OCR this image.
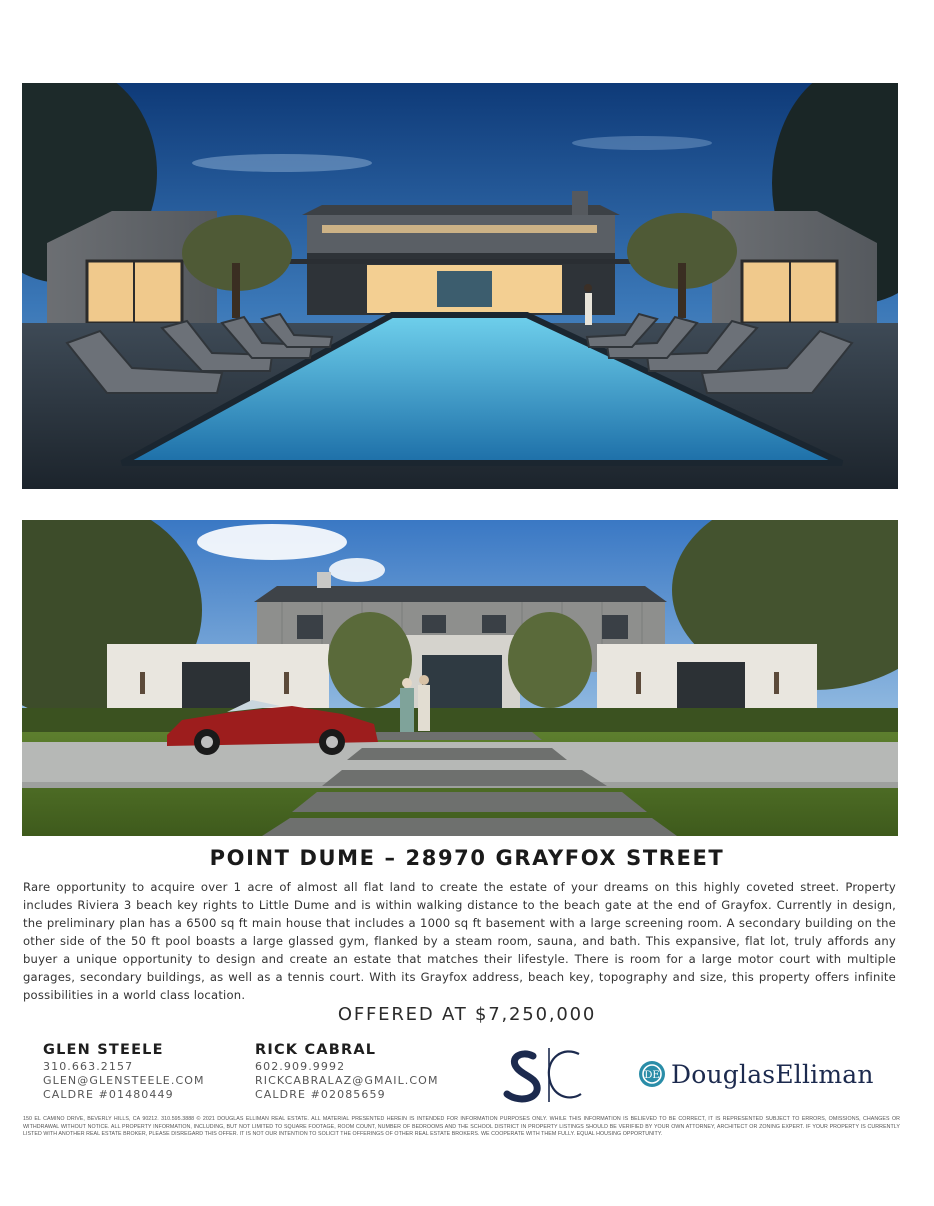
POINT DUME – 28970 GRAYFOX STREET
Rare opportunity to acquire over 1 acre of almost all flat land to create the estate of your dreams on this highly coveted street. Property includes Riviera 3 beach key rights to Little Dume and is within walking distance to the beach gate at the end of Grayfox. Currently in design, the preliminary plan has a 6500 sq ft main house that includes a 1000 sq ft basement with a large screening room. A secondary building on the other side of the 50 ft pool boasts a large glassed gym, flanked by a steam room, sauna, and bath. This expansive, flat lot, truly affords any buyer a unique opportunity to design and create an estate that matches their lifestyle. There is room for a large motor court with multiple garages, secondary buildings, as well as a tennis court. With its Grayfox address, beach key, topography and size, this property offers infinite possibilities in a world class location.
OFFERED AT $7,250,000
GLEN STEELE
310.663.2157
GLEN@GLENSTEELE.COM
CALDRE #01480449
RICK CABRAL
602.909.9992
RICKCABRALAZ@GMAIL.COM
CALDRE #02085659
DE DouglasElliman
150 EL CAMINO DRIVE, BEVERLY HILLS, CA 90212. 310.595.3888 © 2021 DOUGLAS ELLIMAN REAL ESTATE. ALL MATERIAL PRESENTED HEREIN IS INTENDED FOR INFORMATION PURPOSES ONLY. WHILE THIS INFORMATION IS BELIEVED TO BE CORRECT, IT IS REPRESENTED SUBJECT TO ERRORS, OMISSIONS, CHANGES OR WITHDRAWAL WITHOUT NOTICE. ALL PROPERTY INFORMATION, INCLUDING, BUT NOT LIMITED TO SQUARE FOOTAGE, ROOM COUNT, NUMBER OF BEDROOMS AND THE SCHOOL DISTRICT IN PROPERTY LISTINGS SHOULD BE VERIFIED BY YOUR OWN ATTORNEY, ARCHITECT OR ZONING EXPERT. IF YOUR PROPERTY IS CURRENTLY LISTED WITH ANOTHER REAL ESTATE BROKER, PLEASE DISREGARD THIS OFFER. IT IS NOT OUR INTENTION TO SOLICIT THE OFFERINGS OF OTHER REAL ESTATE BROKERS. WE COOPERATE WITH THEM FULLY. EQUAL HOUSING OPPORTUNITY.
